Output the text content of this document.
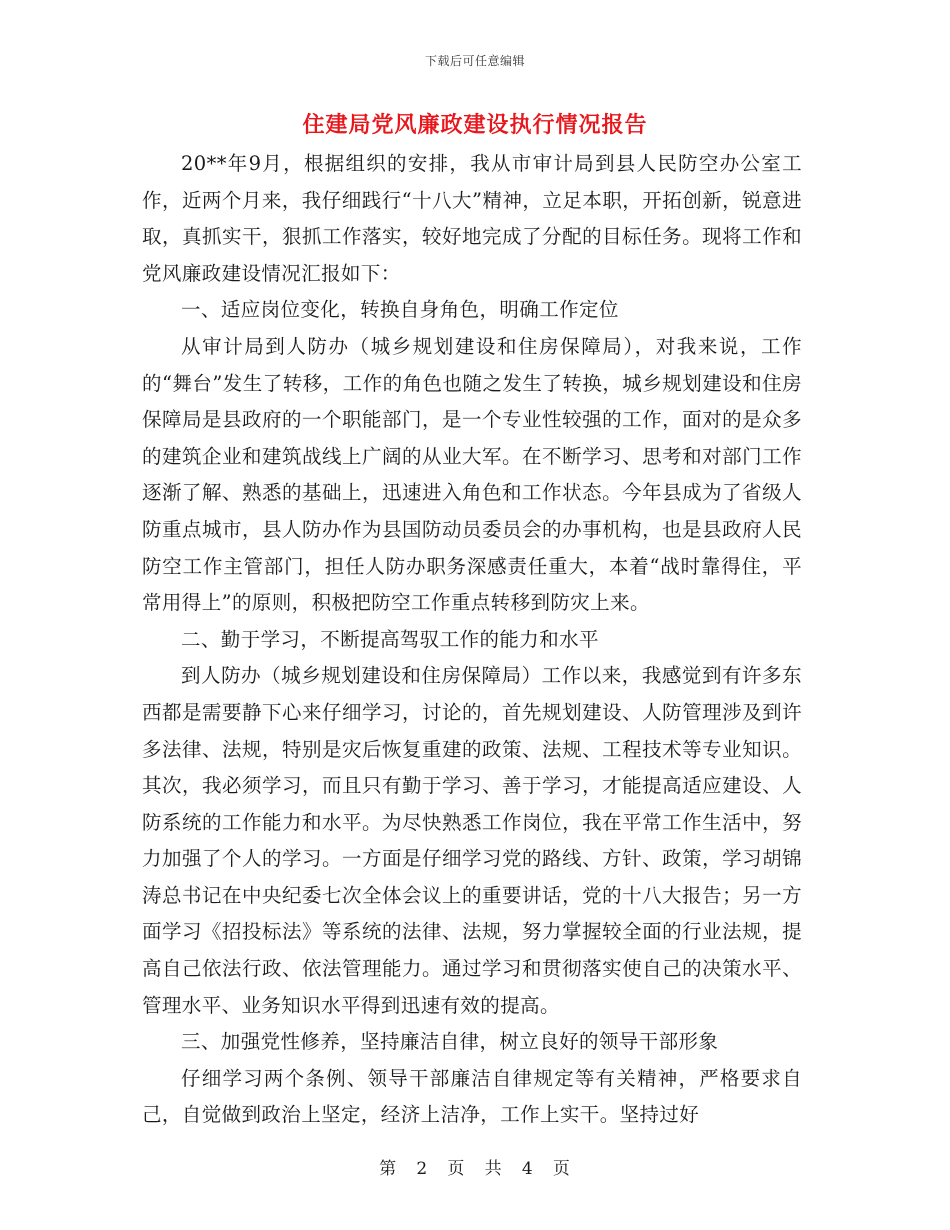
下载后可任意编辑
住建局党风廉政建设执行情况报告

20**年9月，根据组织的安排，我从市审计局到县人民防空办公室工作，近两个月来，我仔细践行“十八大”精神，立足本职，开拓创新，锐意进取，真抓实干，狠抓工作落实，较好地完成了分配的目标任务。现将工作和党风廉政建设情况汇报如下：

一、适应岗位变化，转换自身角色，明确工作定位

从审计局到人防办（城乡规划建设和住房保障局），对我来说，工作的“舞台”发生了转移，工作的角色也随之发生了转换，城乡规划建设和住房保障局是县政府的一个职能部门，是一个专业性较强的工作，面对的是众多的建筑企业和建筑战线上广阔的从业大军。在不断学习、思考和对部门工作逐渐了解、熟悉的基础上，迅速进入角色和工作状态。今年县成为了省级人防重点城市，县人防办作为县国防动员委员会的办事机构，也是县政府人民防空工作主管部门，担任人防办职务深感责任重大，本着“战时靠得住，平常用得上”的原则，积极把防空工作重点转移到防灾上来。

二、勤于学习，不断提高驾驭工作的能力和水平

到人防办（城乡规划建设和住房保障局）工作以来，我感觉到有许多东西都是需要静下心来仔细学习，讨论的，首先规划建设、人防管理涉及到许多法律、法规，特别是灾后恢复重建的政策、法规、工程技术等专业知识。其次，我必须学习，而且只有勤于学习、善于学习，才能提高适应建设、人防系统的工作能力和水平。为尽快熟悉工作岗位，我在平常工作生活中，努力加强了个人的学习。一方面是仔细学习党的路线、方针、政策，学习胡锦涛总书记在中央纪委七次全体会议上的重要讲话，党的十八大报告；另一方面学习《招投标法》等系统的法律、法规，努力掌握较全面的行业法规，提高自己依法行政、依法管理能力。通过学习和贯彻落实使自己的决策水平、管理水平、业务知识水平得到迅速有效的提高。

三、加强党性修养，坚持廉洁自律，树立良好的领导干部形象

仔细学习两个条例、领导干部廉洁自律规定等有关精神，严格要求自己，自觉做到政治上坚定，经济上洁净，工作上实干。坚持过好

第 2 页 共 4 页
